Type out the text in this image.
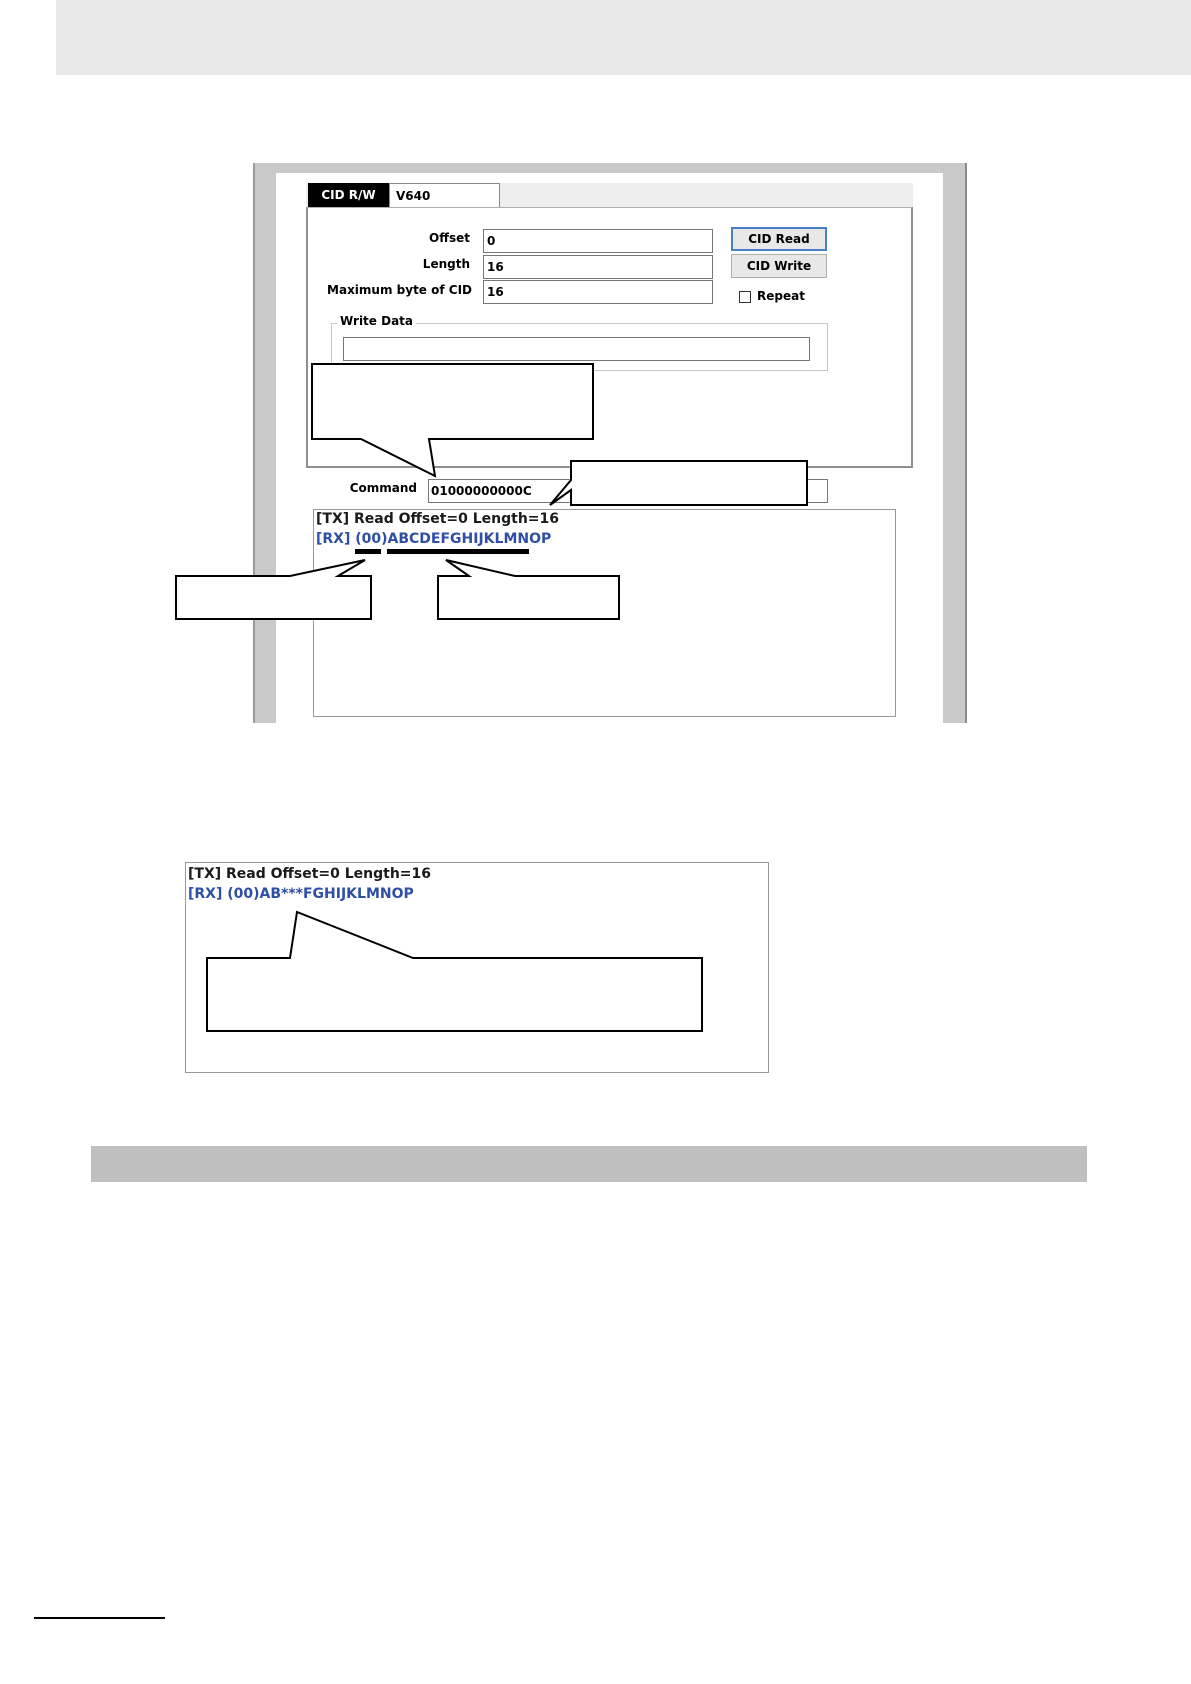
CID R/W	V640
Offset	0
Length	16
Maximum byte of CID	16
CID Read
CID Write
Repeat
Write Data
Command 01000000000C
[TX] Read Offset=0 Length=16
[RX] (00)ABCDEFGHIJKLMNOP
[TX] Read Offset=0 Length=16
[RX] (00)AB***FGHIJKLMNOP
